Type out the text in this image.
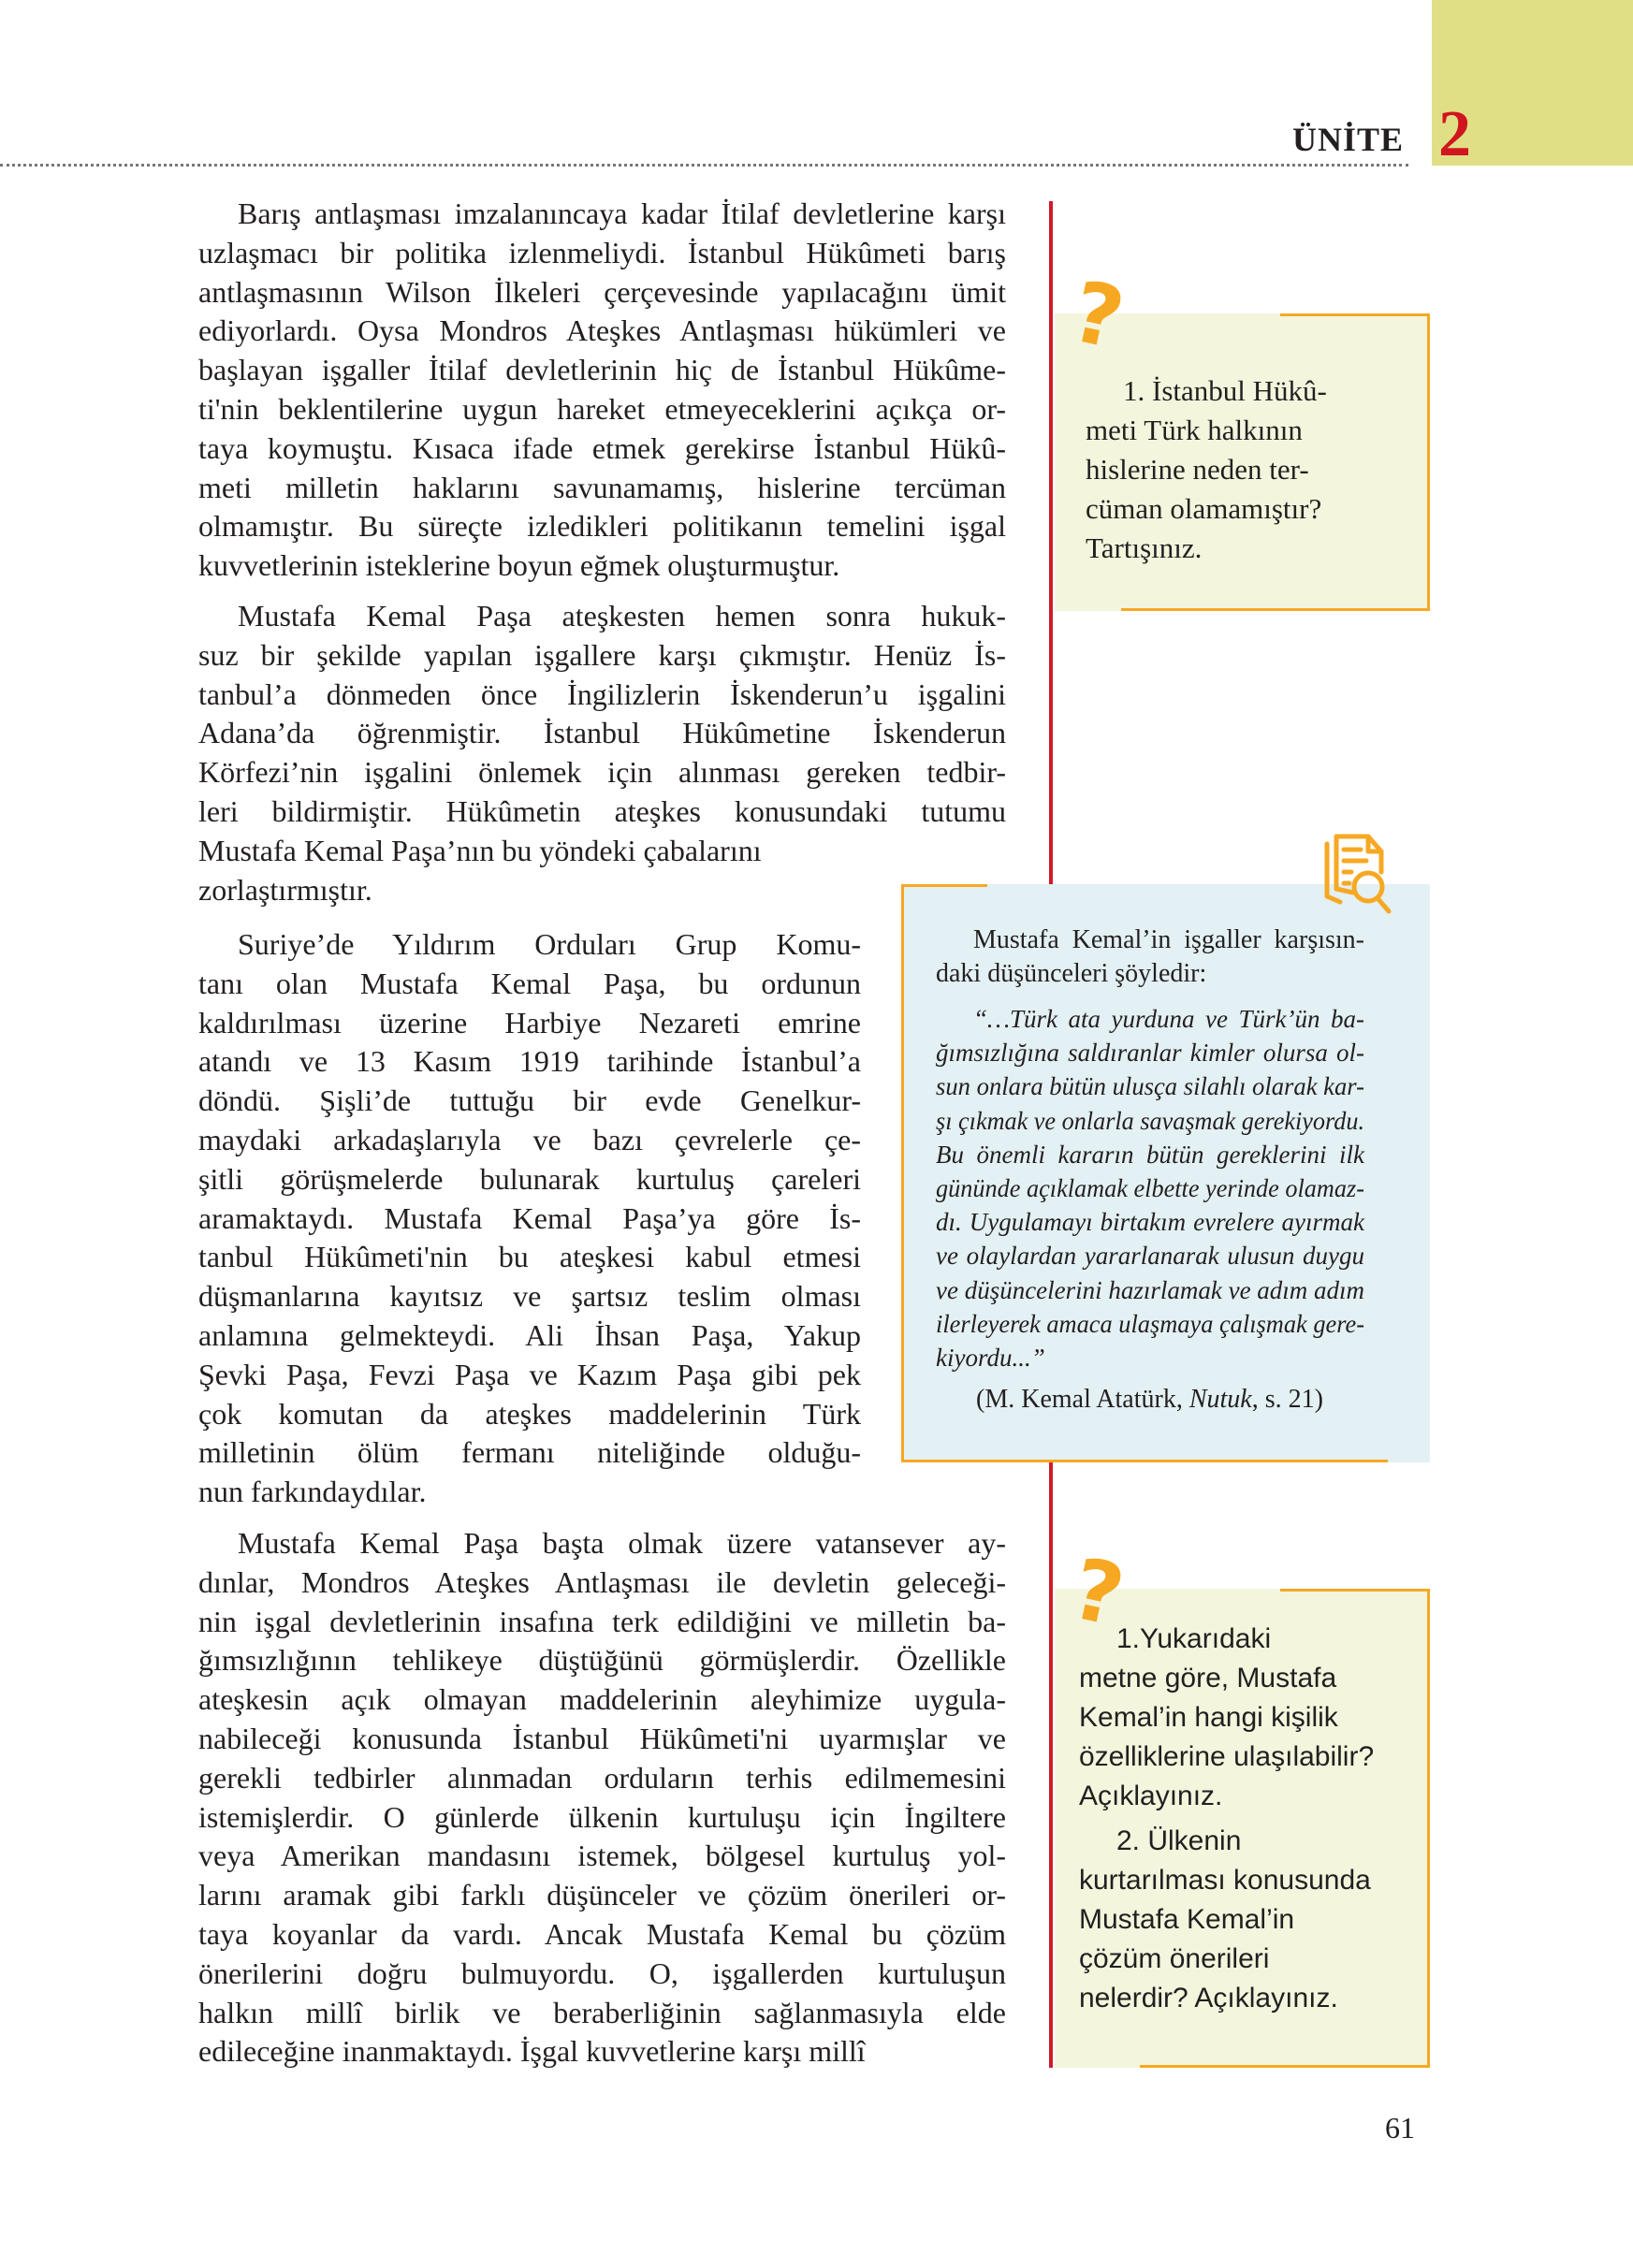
ÜNİTE 2
Barış antlaşması imzalanıncaya kadar İtilaf devletlerine karşı
uzlaşmacı bir politika izlenmeliydi. İstanbul Hükûmeti barış
antlaşmasının Wilson İlkeleri çerçevesinde yapılacağını ümit
ediyorlardı. Oysa Mondros Ateşkes Antlaşması hükümleri ve
başlayan işgaller İtilaf devletlerinin hiç de İstanbul Hükûme-
ti'nin beklentilerine uygun hareket etmeyeceklerini açıkça or-
taya koymuştu. Kısaca ifade etmek gerekirse İstanbul Hükû-
meti milletin haklarını savunamamış, hislerine tercüman
olmamıştır. Bu süreçte izledikleri politikanın temelini işgal
kuvvetlerinin isteklerine boyun eğmek oluşturmuştur.
Mustafa Kemal Paşa ateşkesten hemen sonra hukuk-
suz bir şekilde yapılan işgallere karşı çıkmıştır. Henüz İs-
tanbul’a dönmeden önce İngilizlerin İskenderun’u işgalini
Adana’da öğrenmiştir. İstanbul Hükûmetine İskenderun
Körfezi’nin işgalini önlemek için alınması gereken tedbir-
leri bildirmiştir. Hükûmetin ateşkes konusundaki tutumu
Mustafa Kemal Paşa’nın bu yöndeki çabalarını
zorlaştırmıştır.
Suriye’de Yıldırım Orduları Grup Komu-
tanı olan Mustafa Kemal Paşa, bu ordunun
kaldırılması üzerine Harbiye Nezareti emrine
atandı ve 13 Kasım 1919 tarihinde İstanbul’a
döndü. Şişli’de tuttuğu bir evde Genelkur-
maydaki arkadaşlarıyla ve bazı çevrelerle çe-
şitli görüşmelerde bulunarak kurtuluş çareleri
aramaktaydı. Mustafa Kemal Paşa’ya göre İs-
tanbul Hükûmeti'nin bu ateşkesi kabul etmesi
düşmanlarına kayıtsız ve şartsız teslim olması
anlamına gelmekteydi. Ali İhsan Paşa, Yakup
Şevki Paşa, Fevzi Paşa ve Kazım Paşa gibi pek
çok komutan da ateşkes maddelerinin Türk
milletinin ölüm fermanı niteliğinde olduğu-
nun farkındaydılar.
Mustafa Kemal Paşa başta olmak üzere vatansever ay-
dınlar, Mondros Ateşkes Antlaşması ile devletin geleceği-
nin işgal devletlerinin insafına terk edildiğini ve milletin ba-
ğımsızlığının tehlikeye düştüğünü görmüşlerdir. Özellikle
ateşkesin açık olmayan maddelerinin aleyhimize uygula-
nabileceği konusunda İstanbul Hükûmeti'ni uyarmışlar ve
gerekli tedbirler alınmadan orduların terhis edilmemesini
istemişlerdir. O günlerde ülkenin kurtuluşu için İngiltere
veya Amerikan mandasını istemek, bölgesel kurtuluş yol-
larını aramak gibi farklı düşünceler ve çözüm önerileri or-
taya koyanlar da vardı. Ancak Mustafa Kemal bu çözüm
önerilerini doğru bulmuyordu. O, işgallerden kurtuluşun
halkın millî birlik ve beraberliğinin sağlanmasıyla elde
edileceğine inanmaktaydı. İşgal kuvvetlerine karşı millî
?
1. İstanbul Hükû-
meti Türk halkının
hislerine neden ter-
cüman olamamıştır?
Tartışınız.
Mustafa Kemal’in işgaller karşısın-
daki düşünceleri şöyledir:
“…Türk ata yurduna ve Türk’ün ba-
ğımsızlığına saldıranlar kimler olursa ol-
sun onlara bütün ulusça silahlı olarak kar-
şı çıkmak ve onlarla savaşmak gerekiyordu.
Bu önemli kararın bütün gereklerini ilk
gününde açıklamak elbette yerinde olamaz-
dı. Uygulamayı birtakım evrelere ayırmak
ve olaylardan yararlanarak ulusun duygu
ve düşüncelerini hazırlamak ve adım adım
ilerleyerek amaca ulaşmaya çalışmak gere-
kiyordu...”
(M. Kemal Atatürk, Nutuk, s. 21)
?
1.Yukarıdaki
metne göre, Mustafa
Kemal’in hangi kişilik
özelliklerine ulaşılabilir?
Açıklayınız.
2. Ülkenin
kurtarılması konusunda
Mustafa Kemal’in
çözüm önerileri
nelerdir? Açıklayınız.
61
